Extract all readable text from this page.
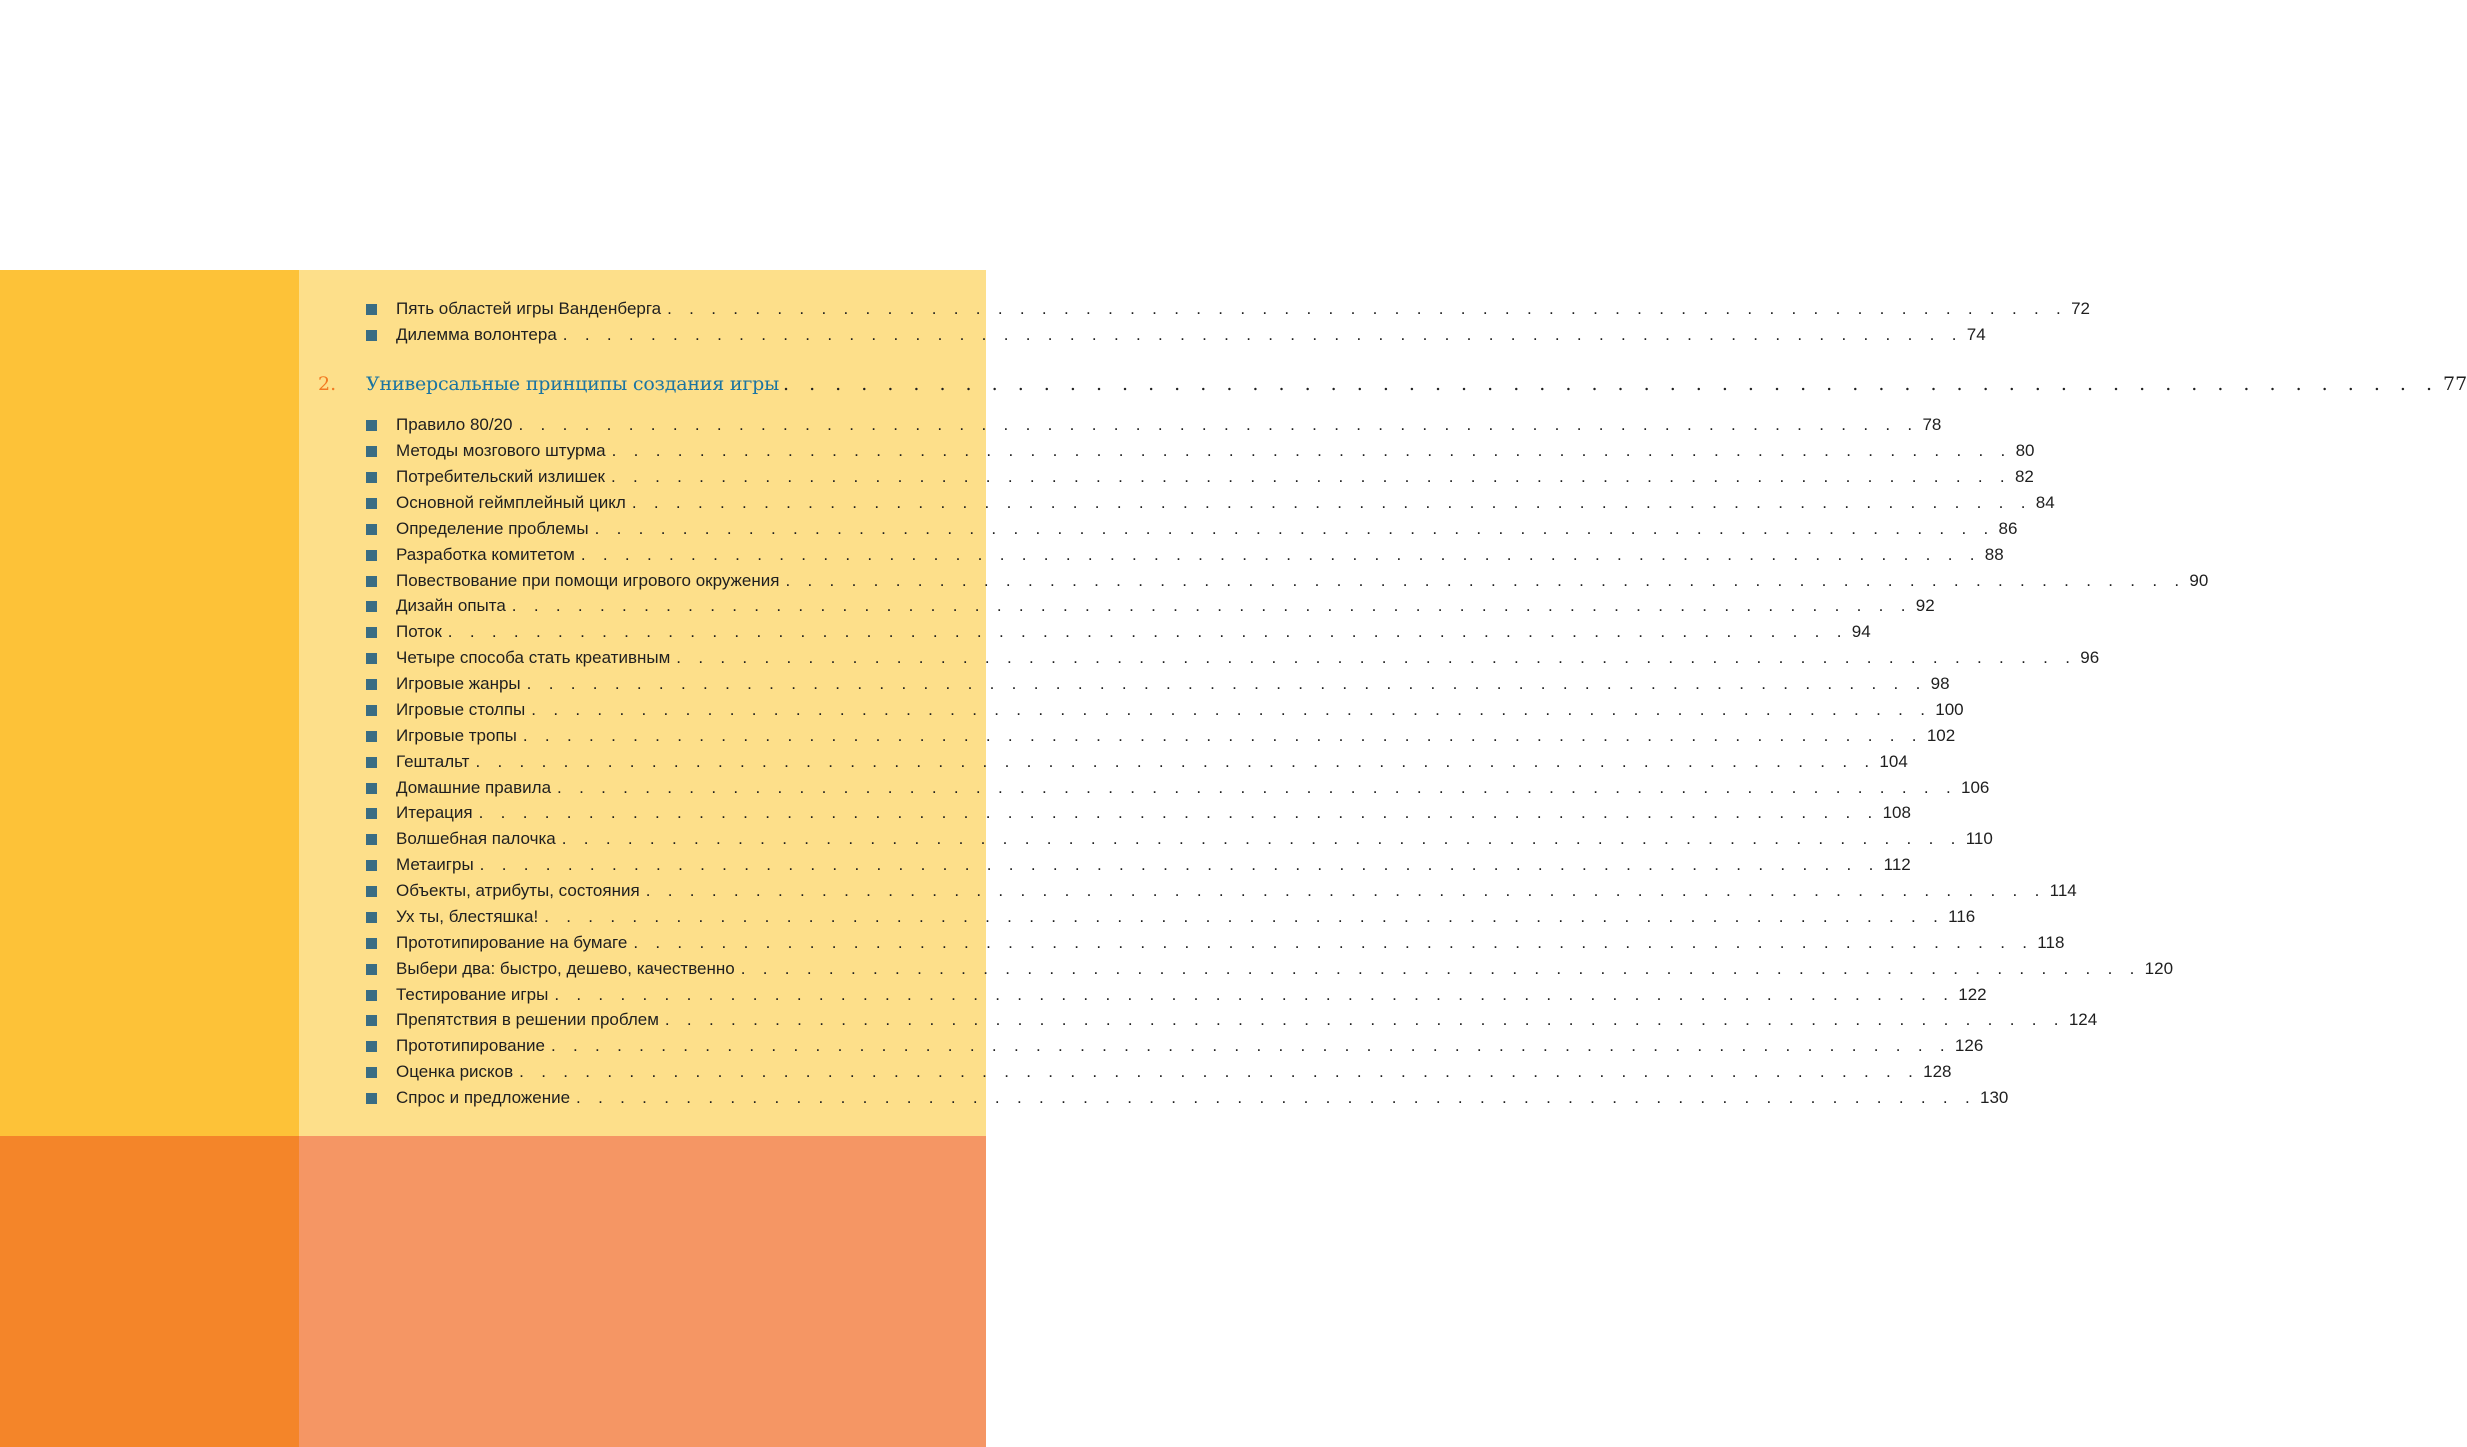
Пять областей игры Ванденберга . . . . . . . . . . . . . . . . . . . . . . . . . . . . . . . . . . . . . . . . . . . . . . . . . . . . . . . . . . . . . . . . 72
Дилемма волонтера . . . . . . . . . . . . . . . . . . . . . . . . . . . . . . . . . . . . . . . . . . . . . . . . . . . . . . . . . . . . . . . . 74
2.	Универсальные принципы создания игры . . . . . . . . . . . . . . . . . . . . . . . . . . . . . . . . . . . . . . . . . . . . . . . . . . . . . . . . . . . . . . . . 77
Правило 80/20 . . . . . . . . . . . . . . . . . . . . . . . . . . . . . . . . . . . . . . . . . . . . . . . . . . . . . . . . . . . . . . . . 78
Методы мозгового штурма . . . . . . . . . . . . . . . . . . . . . . . . . . . . . . . . . . . . . . . . . . . . . . . . . . . . . . . . . . . . . . . . 80
Потребительский излишек . . . . . . . . . . . . . . . . . . . . . . . . . . . . . . . . . . . . . . . . . . . . . . . . . . . . . . . . . . . . . . . . 82
Основной геймплейный цикл . . . . . . . . . . . . . . . . . . . . . . . . . . . . . . . . . . . . . . . . . . . . . . . . . . . . . . . . . . . . . . . . 84
Определение проблемы . . . . . . . . . . . . . . . . . . . . . . . . . . . . . . . . . . . . . . . . . . . . . . . . . . . . . . . . . . . . . . . . 86
Разработка комитетом . . . . . . . . . . . . . . . . . . . . . . . . . . . . . . . . . . . . . . . . . . . . . . . . . . . . . . . . . . . . . . . . 88
Повествование при помощи игрового окружения . . . . . . . . . . . . . . . . . . . . . . . . . . . . . . . . . . . . . . . . . . . . . . . . . . . . . . . . . . . . . . . . 90
Дизайн опыта . . . . . . . . . . . . . . . . . . . . . . . . . . . . . . . . . . . . . . . . . . . . . . . . . . . . . . . . . . . . . . . . 92
Поток . . . . . . . . . . . . . . . . . . . . . . . . . . . . . . . . . . . . . . . . . . . . . . . . . . . . . . . . . . . . . . . . 94
Четыре способа стать креативным . . . . . . . . . . . . . . . . . . . . . . . . . . . . . . . . . . . . . . . . . . . . . . . . . . . . . . . . . . . . . . . . 96
Игровые жанры . . . . . . . . . . . . . . . . . . . . . . . . . . . . . . . . . . . . . . . . . . . . . . . . . . . . . . . . . . . . . . . . 98
Игровые столпы . . . . . . . . . . . . . . . . . . . . . . . . . . . . . . . . . . . . . . . . . . . . . . . . . . . . . . . . . . . . . . . . 100
Игровые тропы . . . . . . . . . . . . . . . . . . . . . . . . . . . . . . . . . . . . . . . . . . . . . . . . . . . . . . . . . . . . . . . . 102
Гештальт . . . . . . . . . . . . . . . . . . . . . . . . . . . . . . . . . . . . . . . . . . . . . . . . . . . . . . . . . . . . . . . . 104
Домашние правила . . . . . . . . . . . . . . . . . . . . . . . . . . . . . . . . . . . . . . . . . . . . . . . . . . . . . . . . . . . . . . . . 106
Итерация . . . . . . . . . . . . . . . . . . . . . . . . . . . . . . . . . . . . . . . . . . . . . . . . . . . . . . . . . . . . . . . . 108
Волшебная палочка . . . . . . . . . . . . . . . . . . . . . . . . . . . . . . . . . . . . . . . . . . . . . . . . . . . . . . . . . . . . . . . . 110
Метаигры . . . . . . . . . . . . . . . . . . . . . . . . . . . . . . . . . . . . . . . . . . . . . . . . . . . . . . . . . . . . . . . . 112
Объекты, атрибуты, состояния . . . . . . . . . . . . . . . . . . . . . . . . . . . . . . . . . . . . . . . . . . . . . . . . . . . . . . . . . . . . . . . . 114
Ух ты, блестяшка! . . . . . . . . . . . . . . . . . . . . . . . . . . . . . . . . . . . . . . . . . . . . . . . . . . . . . . . . . . . . . . . . 116
Прототипирование на бумаге . . . . . . . . . . . . . . . . . . . . . . . . . . . . . . . . . . . . . . . . . . . . . . . . . . . . . . . . . . . . . . . . 118
Выбери два: быстро, дешево, качественно . . . . . . . . . . . . . . . . . . . . . . . . . . . . . . . . . . . . . . . . . . . . . . . . . . . . . . . . . . . . . . . . 120
Тестирование игры . . . . . . . . . . . . . . . . . . . . . . . . . . . . . . . . . . . . . . . . . . . . . . . . . . . . . . . . . . . . . . . . 122
Препятствия в решении проблем . . . . . . . . . . . . . . . . . . . . . . . . . . . . . . . . . . . . . . . . . . . . . . . . . . . . . . . . . . . . . . . . 124
Прототипирование . . . . . . . . . . . . . . . . . . . . . . . . . . . . . . . . . . . . . . . . . . . . . . . . . . . . . . . . . . . . . . . . 126
Оценка рисков . . . . . . . . . . . . . . . . . . . . . . . . . . . . . . . . . . . . . . . . . . . . . . . . . . . . . . . . . . . . . . . . 128
Спрос и предложение . . . . . . . . . . . . . . . . . . . . . . . . . . . . . . . . . . . . . . . . . . . . . . . . . . . . . . . . . . . . . . . . 130
